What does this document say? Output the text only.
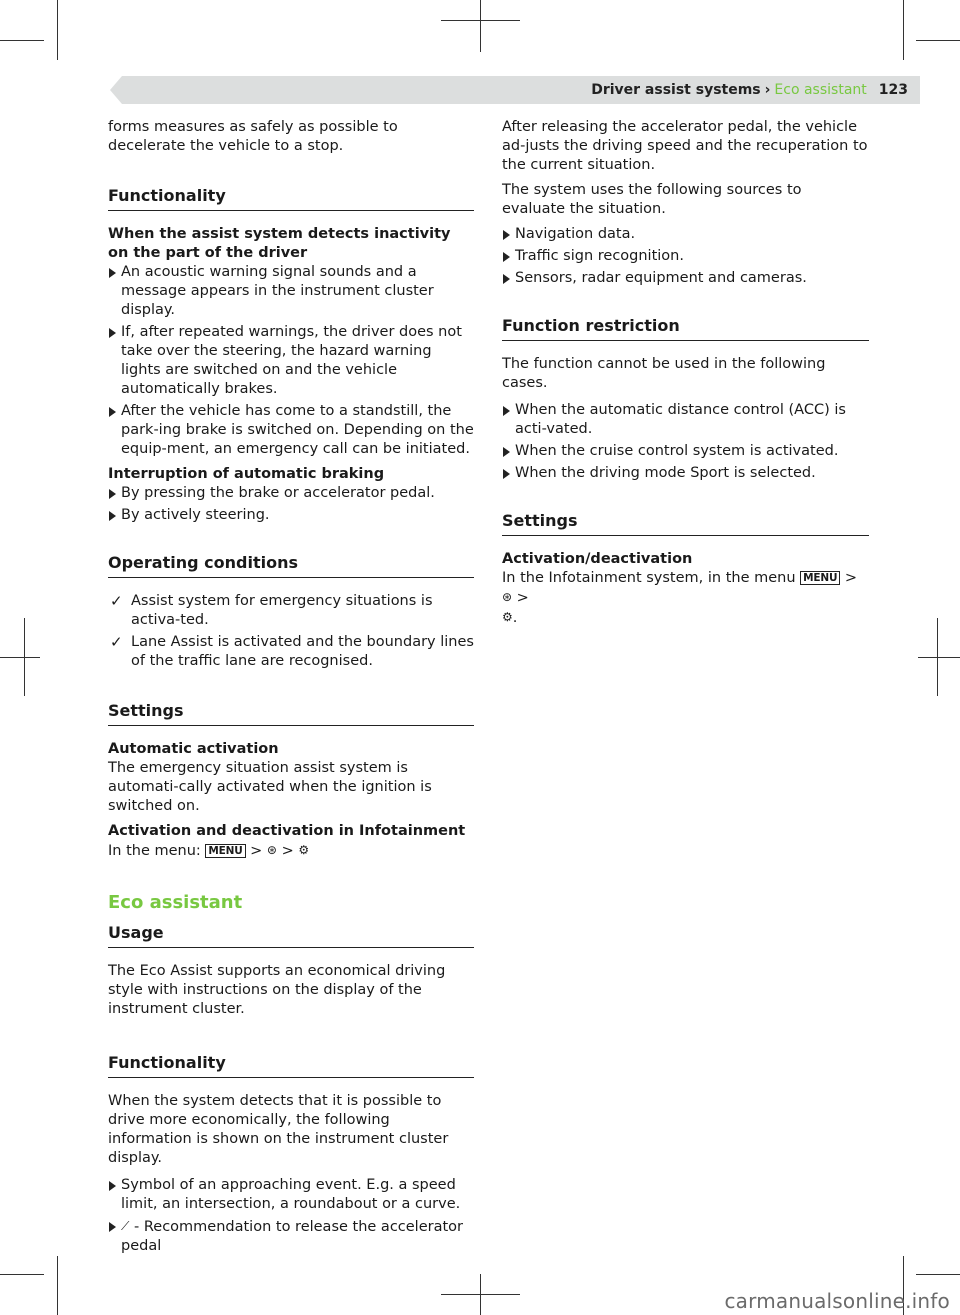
Driver assist systems › Eco assistant 123

forms measures as safely as possible to decelerate the vehicle to a stop.

Functionality
When the assist system detects inactivity on the part of the driver
An acoustic warning signal sounds and a message appears in the instrument cluster display.
If, after repeated warnings, the driver does not take over the steering, the hazard warning lights are switched on and the vehicle automatically brakes.
After the vehicle has come to a standstill, the park-ing brake is switched on. Depending on the equip-ment, an emergency call can be initiated.
Interruption of automatic braking
By pressing the brake or accelerator pedal.
By actively steering.
Operating conditions
✓ Assist system for emergency situations is activa-ted.
✓ Lane Assist is activated and the boundary lines of the traffic lane are recognised.
Settings
Automatic activation

The emergency situation assist system is automati-cally activated when the ignition is switched on.

Activation and deactivation in Infotainment
In the menu: MENU > ⊛ > ⚙
Eco assistant
Usage

The Eco Assist supports an economical driving style with instructions on the display of the instrument cluster.

Functionality

When the system detects that it is possible to drive more economically, the following information is shown on the instrument cluster display.

Symbol of an approaching event. E.g. a speed limit, an intersection, a roundabout or a curve.
⟋ - Recommendation to release the accelerator pedal

After releasing the accelerator pedal, the vehicle ad-justs the driving speed and the recuperation to the current situation.

The system uses the following sources to evaluate the situation.

Navigation data.
Traffic sign recognition.
Sensors, radar equipment and cameras.
Function restriction

The function cannot be used in the following cases.

When the automatic distance control (ACC) is acti-vated.
When the cruise control system is activated.
When the driving mode Sport is selected.
Settings
Activation/deactivation
In the Infotainment system, in the menu MENU > ⊛ >
⚙.
carmanualsonline.info
